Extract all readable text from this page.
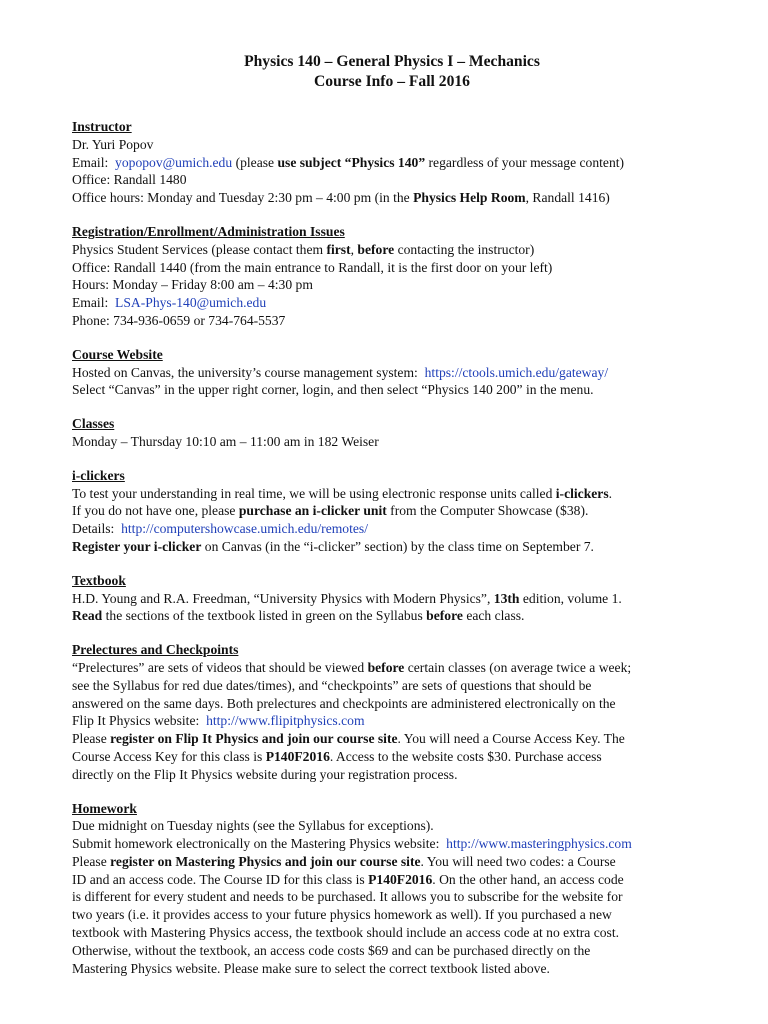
Physics 140 – General Physics I – Mechanics
Course Info – Fall 2016
Instructor
Dr. Yuri Popov
Email: yopopov@umich.edu (please use subject “Physics 140” regardless of your message content)
Office: Randall 1480
Office hours: Monday and Tuesday 2:30 pm – 4:00 pm (in the Physics Help Room, Randall 1416)
Registration/Enrollment/Administration Issues
Physics Student Services (please contact them first, before contacting the instructor)
Office: Randall 1440 (from the main entrance to Randall, it is the first door on your left)
Hours: Monday – Friday 8:00 am – 4:30 pm
Email: LSA-Phys-140@umich.edu
Phone: 734-936-0659 or 734-764-5537
Course Website
Hosted on Canvas, the university’s course management system: https://ctools.umich.edu/gateway/
Select “Canvas” in the upper right corner, login, and then select “Physics 140 200” in the menu.
Classes
Monday – Thursday 10:10 am – 11:00 am in 182 Weiser
i-clickers
To test your understanding in real time, we will be using electronic response units called i-clickers.
If you do not have one, please purchase an i-clicker unit from the Computer Showcase ($38).
Details: http://computershowcase.umich.edu/remotes/
Register your i-clicker on Canvas (in the “i-clicker” section) by the class time on September 7.
Textbook
H.D. Young and R.A. Freedman, “University Physics with Modern Physics”, 13th edition, volume 1.
Read the sections of the textbook listed in green on the Syllabus before each class.
Prelectures and Checkpoints
“Prelectures” are sets of videos that should be viewed before certain classes (on average twice a week;
see the Syllabus for red due dates/times), and “checkpoints” are sets of questions that should be
answered on the same days. Both prelectures and checkpoints are administered electronically on the
Flip It Physics website: http://www.flipitphysics.com
Please register on Flip It Physics and join our course site. You will need a Course Access Key. The
Course Access Key for this class is P140F2016. Access to the website costs $30. Purchase access
directly on the Flip It Physics website during your registration process.
Homework
Due midnight on Tuesday nights (see the Syllabus for exceptions).
Submit homework electronically on the Mastering Physics website: http://www.masteringphysics.com
Please register on Mastering Physics and join our course site. You will need two codes: a Course
ID and an access code. The Course ID for this class is P140F2016. On the other hand, an access code
is different for every student and needs to be purchased. It allows you to subscribe for the website for
two years (i.e. it provides access to your future physics homework as well). If you purchased a new
textbook with Mastering Physics access, the textbook should include an access code at no extra cost.
Otherwise, without the textbook, an access code costs $69 and can be purchased directly on the
Mastering Physics website. Please make sure to select the correct textbook listed above.
